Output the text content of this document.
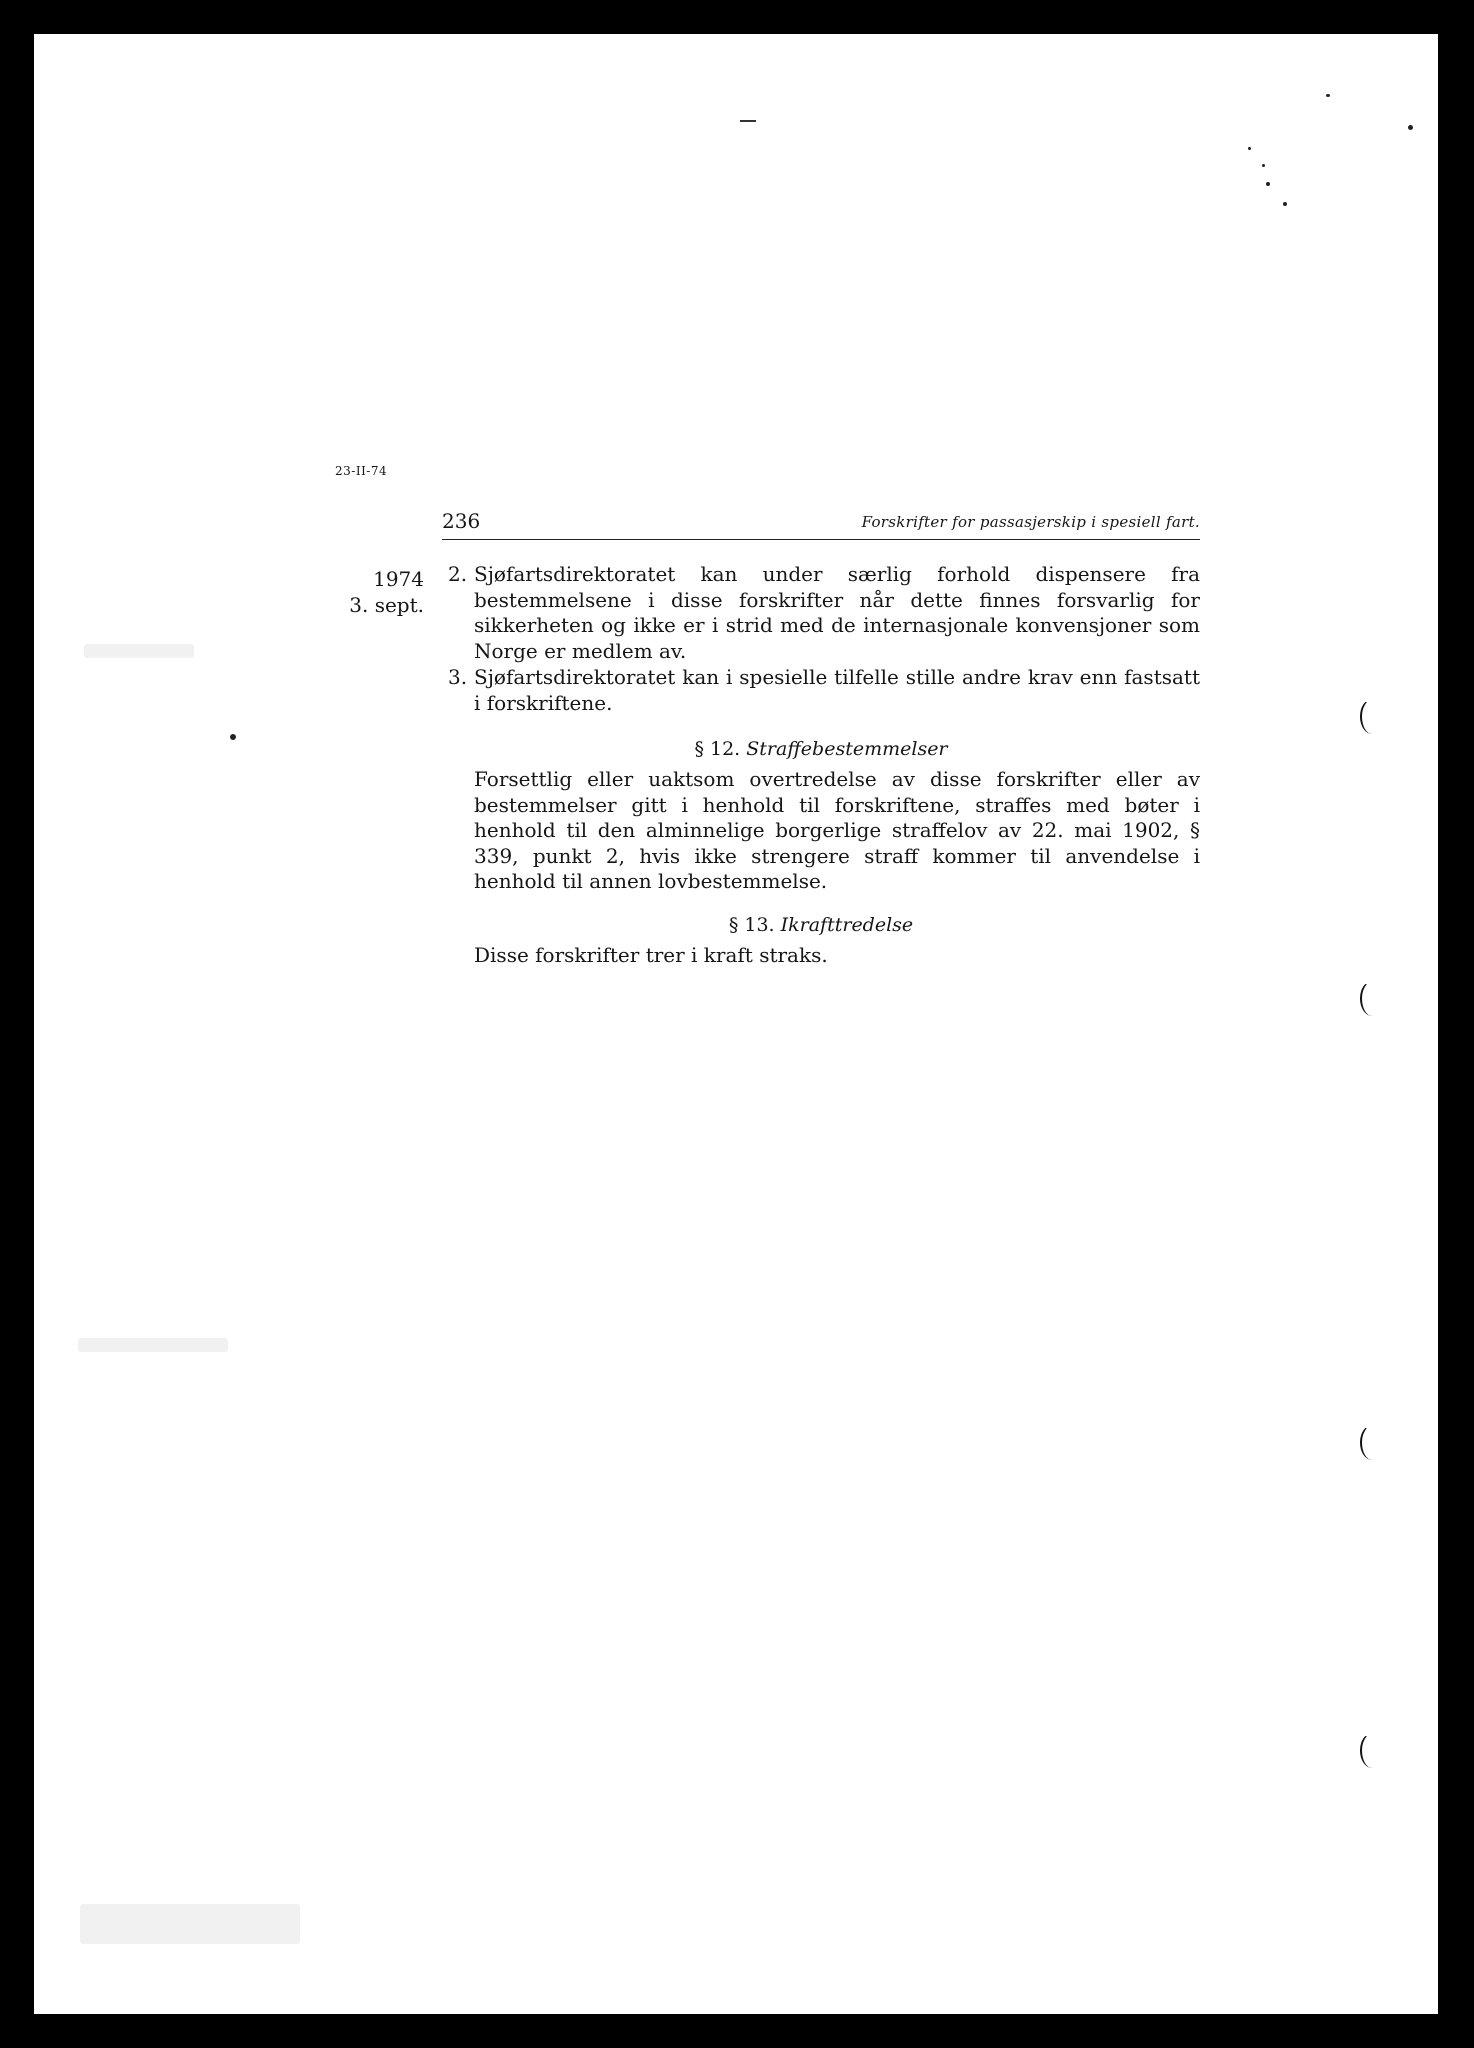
23-II-74
236	Forskrifter for passasjerskip i spesiell fart.
1974
3. sept.
2. Sjøfartsdirektoratet kan under særlig forhold dispensere fra bestemmelsene i disse forskrifter når dette finnes forsvarlig for sikkerheten og ikke er i strid med de internasjonale konvensjoner som Norge er medlem av.
3. Sjøfartsdirektoratet kan i spesielle tilfelle stille andre krav enn fastsatt i forskriftene.
§ 12. Straffebestemmelser
Forsettlig eller uaktsom overtredelse av disse forskrifter eller av bestemmelser gitt i henhold til forskriftene, straffes med bøter i henhold til den alminnelige borgerlige straffelov av 22. mai 1902, § 339, punkt 2, hvis ikke strengere straff kommer til anvendelse i henhold til annen lovbestemmelse.
§ 13. Ikrafttredelse
Disse forskrifter trer i kraft straks.
